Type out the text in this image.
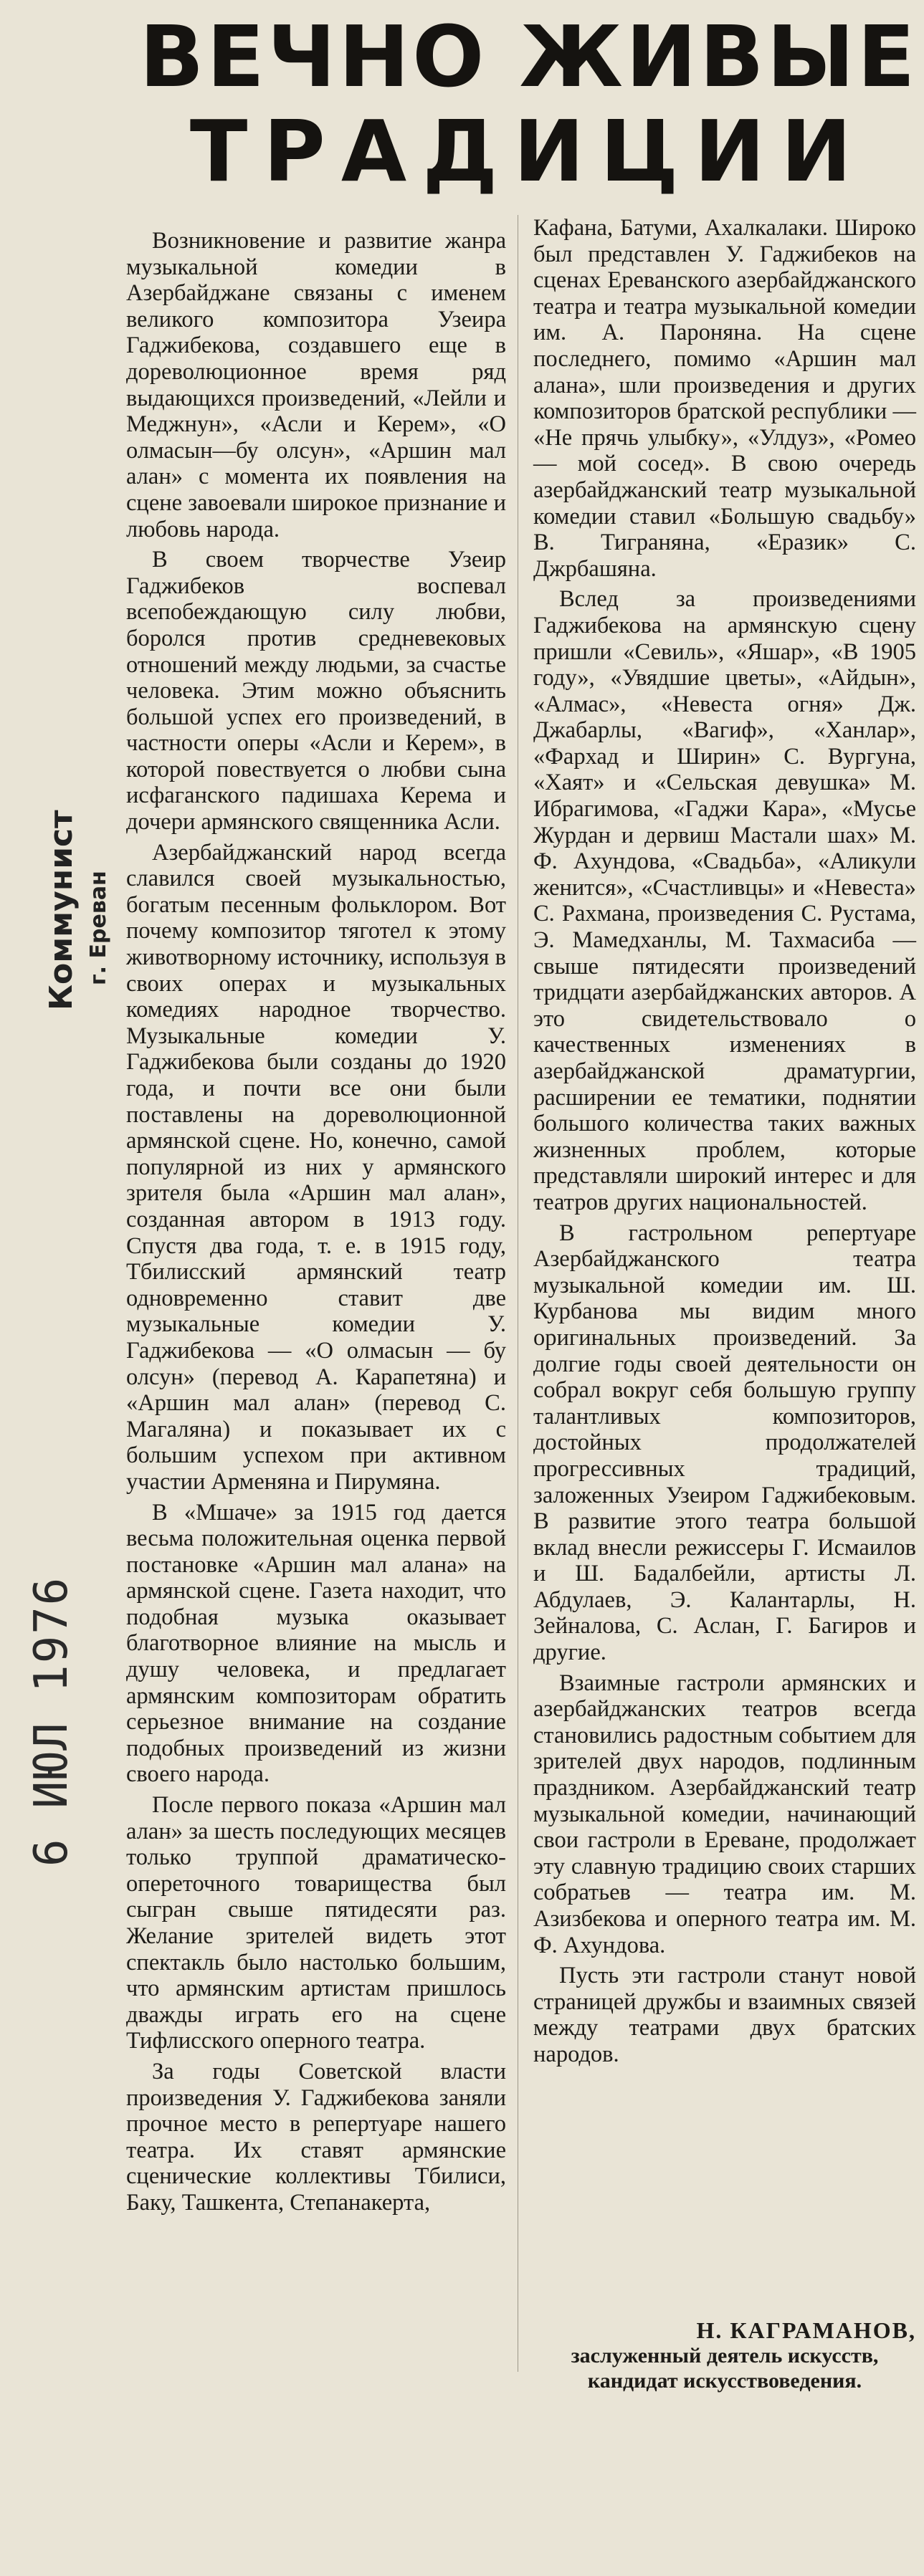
ВЕЧНО ЖИВЫЕ
ТРАДИЦИИ
Коммунист г. Ереван
6 ИЮЛ 1976

Возникновение и развитие жанра музыкальной комедии в Азербайджане связаны с именем великого композитора Узеира Гаджибекова, создавшего еще в дореволюционное время ряд выдающихся произведений, «Лейли и Меджнун», «Асли и Керем», «О олмасын—бу олсун», «Аршин мал алан» с момента их появления на сцене завоевали широкое признание и любовь народа.

В своем творчестве Узеир Гаджибеков воспевал всепобеждающую силу любви, боролся против средневековых отношений между людьми, за счастье человека. Этим можно объяснить большой успех его произведений, в частности оперы «Асли и Керем», в которой повествуется о любви сына исфаганского падишаха Керема и дочери армянского священника Асли.

Азербайджанский народ всегда славился своей музыкальностью, богатым песенным фольклором. Вот почему композитор тяготел к этому животворному источнику, используя в своих операх и музыкальных комедиях народное творчество. Музыкальные комедии У. Гаджибекова были созданы до 1920 года, и почти все они были поставлены на дореволюционной армянской сцене. Но, конечно, самой популярной из них у армянского зрителя была «Аршин мал алан», созданная автором в 1913 году. Спустя два года, т. е. в 1915 году, Тбилисский армянский театр одновременно ставит две музыкальные комедии У. Гаджибекова — «О олмасын — бу олсун» (перевод А. Карапетяна) и «Аршин мал алан» (перевод С. Магаляна) и показывает их с большим успехом при активном участии Арменяна и Пирумяна.

В «Мшаче» за 1915 год дается весьма положительная оценка первой постановке «Аршин мал алана» на армянской сцене. Газета находит, что подобная музыка оказывает благотворное влияние на мысль и душу человека, и предлагает армянским композиторам обратить серьезное внимание на создание подобных произведений из жизни своего народа.

После первого показа «Аршин мал алан» за шесть последующих месяцев только труппой драматическо-опереточного товарищества был сыгран свыше пятидесяти раз. Желание зрителей видеть этот спектакль было настолько большим, что армянским артистам пришлось дважды играть его на сцене Тифлисского оперного театра.

За годы Советской власти произведения У. Гаджибекова заняли прочное место в репертуаре нашего театра. Их ставят армянские сценические коллективы Тбилиси, Баку, Ташкента, Степанакерта,

Кафана, Батуми, Ахалкалаки. Широко был представлен У. Гаджибеков на сценах Ереванского азербайджанского театра и театра музыкальной комедии им. А. Пароняна. На сцене последнего, помимо «Аршин мал алана», шли произведения и других композиторов братской республики — «Не прячь улыбку», «Улдуз», «Ромео — мой сосед». В свою очередь азербайджанский театр музыкальной комедии ставил «Большую свадьбу» В. Тиграняна, «Еразик» С. Джрбашяна.

Вслед за произведениями Гаджибекова на армянскую сцену пришли «Севиль», «Яшар», «В 1905 году», «Увядшие цветы», «Айдын», «Алмас», «Невеста огня» Дж. Джабарлы, «Вагиф», «Ханлар», «Фархад и Ширин» С. Вургуна, «Хаят» и «Сельская девушка» М. Ибрагимова, «Гаджи Кара», «Мусье Журдан и дервиш Мастали шах» М. Ф. Ахундова, «Свадьба», «Аликули женится», «Счастливцы» и «Невеста» С. Рахмана, произведения С. Рустама, Э. Мамедханлы, М. Тахмасиба — свыше пятидесяти произведений тридцати азербайджанских авторов. А это свидетельствовало о качественных изменениях в азербайджанской драматургии, расширении ее тематики, поднятии большого количества таких важных жизненных проблем, которые представляли широкий интерес и для театров других национальностей.

В гастрольном репертуаре Азербайджанского театра музыкальной комедии им. Ш. Курбанова мы видим много оригинальных произведений. За долгие годы своей деятельности он собрал вокруг себя большую группу талантливых композиторов, достойных продолжателей прогрессивных традиций, заложенных Узеиром Гаджибековым. В развитие этого театра большой вклад внесли режиссеры Г. Исмаилов и Ш. Бадалбейли, артисты Л. Абдулаев, Э. Калантарлы, Н. Зейналова, С. Аслан, Г. Багиров и другие.

Взаимные гастроли армянских и азербайджанских театров всегда становились радостным событием для зрителей двух народов, подлинным праздником. Азербайджанский театр музыкальной комедии, начинающий свои гастроли в Ереване, продолжает эту славную традицию своих старших собратьев — театра им. М. Азизбекова и оперного театра им. М. Ф. Ахундова.

Пусть эти гастроли станут новой страницей дружбы и взаимных связей между театрами двух братских народов.

Н. КАГРАМАНОВ,
заслуженный деятель искусств, кандидат искусствоведения.
